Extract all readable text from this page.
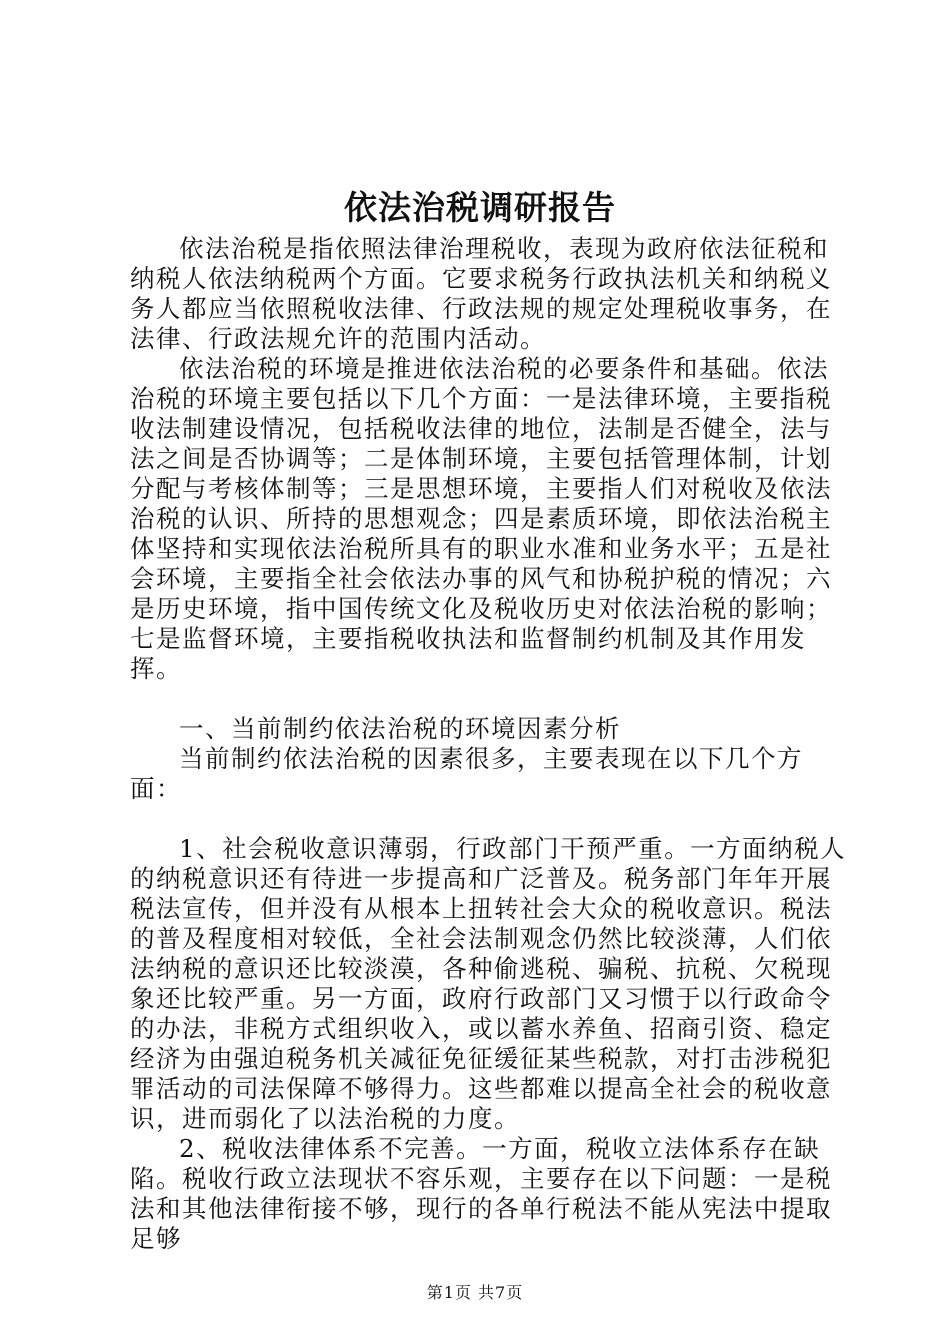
依法治税调研报告

依法治税是指依照法律治理税收，表现为政府依法征税和纳税人依法纳税两个方面。它要求税务行政执法机关和纳税义务人都应当依照税收法律、行政法规的规定处理税收事务，在法律、行政法规允许的范围内活动。

依法治税的环境是推进依法治税的必要条件和基础。依法治税的环境主要包括以下几个方面：一是法律环境，主要指税收法制建设情况，包括税收法律的地位，法制是否健全，法与法之间是否协调等；二是体制环境，主要包括管理体制，计划分配与考核体制等；三是思想环境，主要指人们对税收及依法治税的认识、所持的思想观念；四是素质环境，即依法治税主体坚持和实现依法治税所具有的职业水准和业务水平；五是社会环境，主要指全社会依法办事的风气和协税护税的情况；六是历史环境，指中国传统文化及税收历史对依法治税的影响；七是监督环境，主要指税收执法和监督制约机制及其作用发挥。

一、当前制约依法治税的环境因素分析

当前制约依法治税的因素很多，主要表现在以下几个方面：

1、社会税收意识薄弱，行政部门干预严重。一方面纳税人的纳税意识还有待进一步提高和广泛普及。税务部门年年开展税法宣传，但并没有从根本上扭转社会大众的税收意识。税法的普及程度相对较低，全社会法制观念仍然比较淡薄，人们依法纳税的意识还比较淡漠，各种偷逃税、骗税、抗税、欠税现象还比较严重。另一方面，政府行政部门又习惯于以行政命令的办法，非税方式组织收入，或以蓄水养鱼、招商引资、稳定经济为由强迫税务机关减征免征缓征某些税款，对打击涉税犯罪活动的司法保障不够得力。这些都难以提高全社会的税收意识，进而弱化了以法治税的力度。

2、税收法律体系不完善。一方面，税收立法体系存在缺陷。税收行政立法现状不容乐观，主要存在以下问题：一是税法和其他法律衔接不够，现行的各单行税法不能从宪法中提取足够

第1页 共7页
